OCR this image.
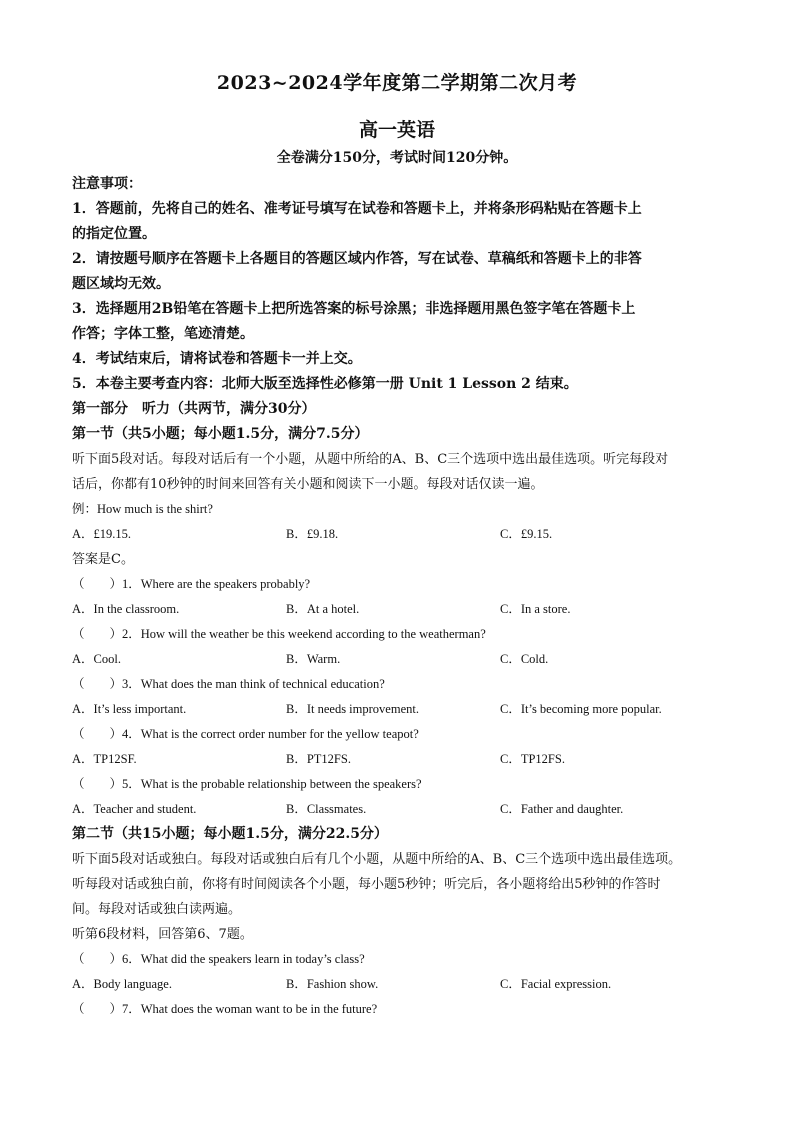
2023~2024学年度第二学期第二次月考
高一英语
全卷满分150分，考试时间120分钟。
注意事项：
1．答题前，先将自己的姓名、准考证号填写在试卷和答题卡上，并将条形码粘贴在答题卡上
的指定位置。
2．请按题号顺序在答题卡上各题目的答题区域内作答，写在试卷、草稿纸和答题卡上的非答
题区域均无效。
3．选择题用2B铅笔在答题卡上把所选答案的标号涂黑；非选择题用黑色签字笔在答题卡上
作答；字体工整，笔迹清楚。
4．考试结束后，请将试卷和答题卡一并上交。
5．本卷主要考查内容：北师大版至选择性必修第一册 Unit 1 Lesson 2 结束。
第一部分　听力（共两节，满分30分）
第一节（共5小题；每小题1.5分，满分7.5分）
听下面5段对话。每段对话后有一个小题，从题中所给的A、B、C三个选项中选出最佳选项。听完每段对
话后，你都有10秒钟的时间来回答有关小题和阅读下一小题。每段对话仅读一遍。
例：How much is the shirt?
A．£19.15.	B．£9.18.	C．£9.15.
答案是C。
（　　）1．Where are the speakers probably?
A．In the classroom.	B．At a hotel.	C．In a store.
（　　）2．How will the weather be this weekend according to the weatherman?
A．Cool.	B．Warm.	C．Cold.
（　　）3．What does the man think of technical education?
A．It’s less important.	B．It needs improvement.	C．It’s becoming more popular.
（　　）4．What is the correct order number for the yellow teapot?
A．TP12SF.	B．PT12FS.	C．TP12FS.
（　　）5．What is the probable relationship between the speakers?
A．Teacher and student.	B．Classmates.	C．Father and daughter.
第二节（共15小题；每小题1.5分，满分22.5分）
听下面5段对话或独白。每段对话或独白后有几个小题，从题中所给的A、B、C三个选项中选出最佳选项。
听每段对话或独白前，你将有时间阅读各个小题，每小题5秒钟；听完后，各小题将给出5秒钟的作答时
间。每段对话或独白读两遍。
听第6段材料，回答第6、7题。
（　　）6．What did the speakers learn in today’s class?
A．Body language.	B．Fashion show.	C．Facial expression.
（　　）7．What does the woman want to be in the future?
